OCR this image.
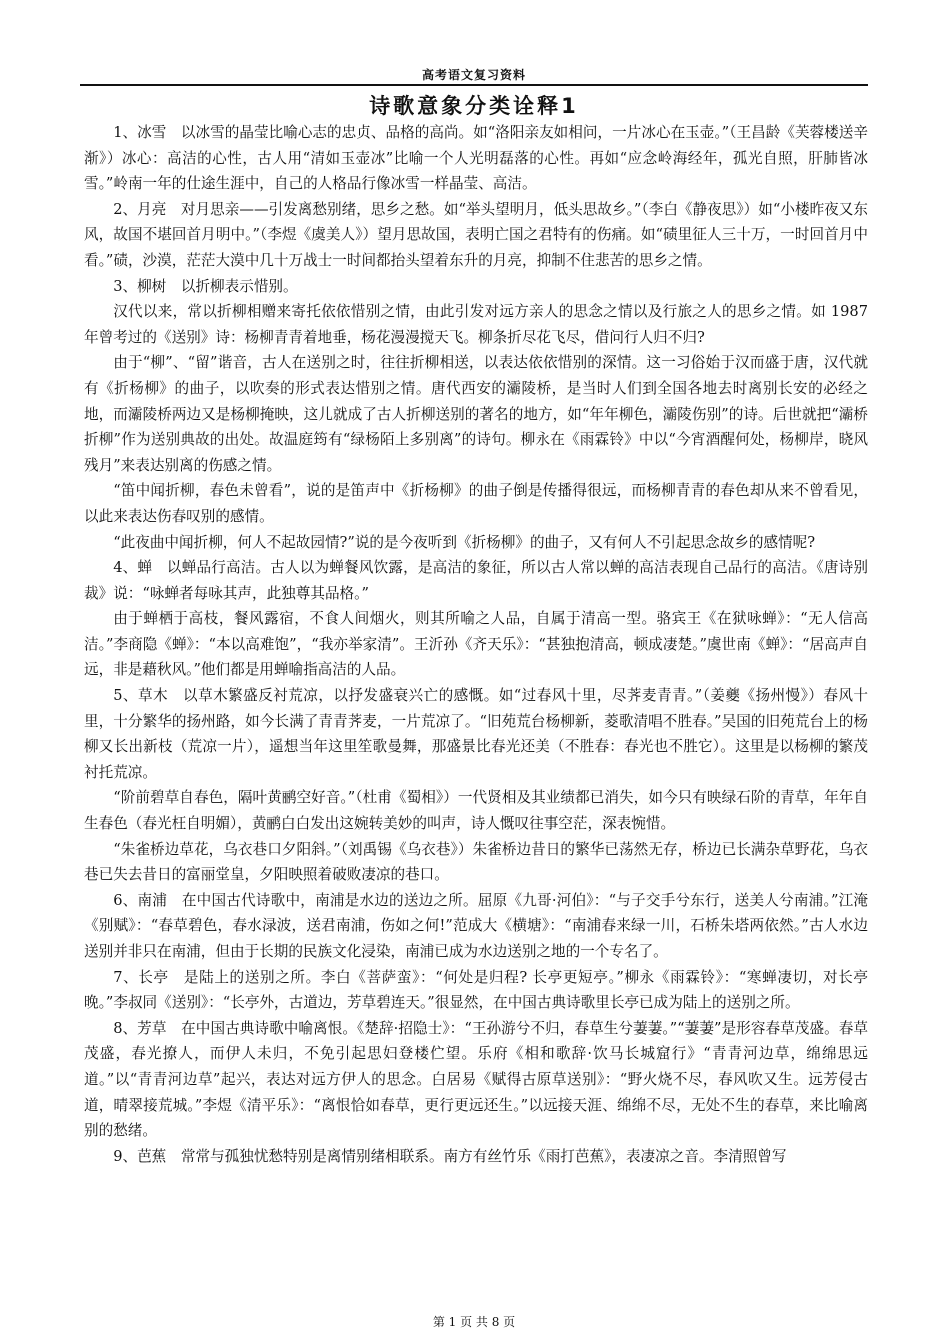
高考语文复习资料
诗歌意象分类诠释1

1、冰雪　以冰雪的晶莹比喻心志的忠贞、品格的高尚。如“洛阳亲友如相问，一片冰心在玉壶。”（王昌龄《芙蓉楼送辛渐》）冰心：高洁的心性，古人用“清如玉壶冰”比喻一个人光明磊落的心性。再如“应念岭海经年，孤光自照，肝肺皆冰雪。”岭南一年的仕途生涯中，自己的人格品行像冰雪一样晶莹、高洁。

2、月亮　对月思亲——引发离愁别绪，思乡之愁。如“举头望明月，低头思故乡。”（李白《静夜思》）如“小楼昨夜又东风，故国不堪回首月明中。”（李煜《虞美人》）望月思故国，表明亡国之君特有的伤痛。如“碛里征人三十万，一时回首月中看。”碛，沙漠，茫茫大漠中几十万战士一时间都抬头望着东升的月亮，抑制不住悲苦的思乡之情。

3、柳树　以折柳表示惜别。

汉代以来，常以折柳相赠来寄托依依惜别之情，由此引发对远方亲人的思念之情以及行旅之人的思乡之情。如 1987 年曾考过的《送别》诗：杨柳青青着地垂，杨花漫漫搅天飞。柳条折尽花飞尽，借问行人归不归?

由于“柳”、“留”谐音，古人在送别之时，往往折柳相送，以表达依依惜别的深情。这一习俗始于汉而盛于唐，汉代就有《折杨柳》的曲子，以吹奏的形式表达惜别之情。唐代西安的灞陵桥，是当时人们到全国各地去时离别长安的必经之地，而灞陵桥两边又是杨柳掩映，这儿就成了古人折柳送别的著名的地方，如“年年柳色，灞陵伤别”的诗。后世就把“灞桥折柳”作为送别典故的出处。故温庭筠有“绿杨陌上多别离”的诗句。柳永在《雨霖铃》中以“今宵酒醒何处，杨柳岸，晓风残月”来表达别离的伤感之情。

“笛中闻折柳，春色未曾看”，说的是笛声中《折杨柳》的曲子倒是传播得很远，而杨柳青青的春色却从来不曾看见，以此来表达伤春叹别的感情。

“此夜曲中闻折柳，何人不起故园情?”说的是今夜听到《折杨柳》的曲子，又有何人不引起思念故乡的感情呢?

4、蝉　以蝉品行高洁。古人以为蝉餐风饮露，是高洁的象征，所以古人常以蝉的高洁表现自己品行的高洁。《唐诗别裁》说：“咏蝉者每咏其声，此独尊其品格。”

由于蝉栖于高枝，餐风露宿，不食人间烟火，则其所喻之人品，自属于清高一型。骆宾王《在狱咏蝉》：“无人信高洁。”李商隐《蝉》：“本以高难饱”，“我亦举家清”。王沂孙《齐天乐》：“甚独抱清高，顿成凄楚。”虞世南《蝉》：“居高声自远，非是藉秋风。”他们都是用蝉喻指高洁的人品。

5、草木　以草木繁盛反衬荒凉，以抒发盛衰兴亡的感慨。如“过春风十里，尽荠麦青青。”（姜夔《扬州慢》）春风十里，十分繁华的扬州路，如今长满了青青荠麦，一片荒凉了。“旧苑荒台杨柳新，菱歌清唱不胜春。”吴国的旧苑荒台上的杨柳又长出新枝（荒凉一片），遥想当年这里笙歌曼舞，那盛景比春光还美（不胜春：春光也不胜它）。这里是以杨柳的繁茂衬托荒凉。

“阶前碧草自春色，隔叶黄鹂空好音。”（杜甫《蜀相》）一代贤相及其业绩都已消失，如今只有映绿石阶的青草，年年自生春色（春光枉自明媚），黄鹂白白发出这婉转美妙的叫声，诗人慨叹往事空茫，深表惋惜。

“朱雀桥边草花，乌衣巷口夕阳斜。”（刘禹锡《乌衣巷》）朱雀桥边昔日的繁华已荡然无存，桥边已长满杂草野花，乌衣巷已失去昔日的富丽堂皇，夕阳映照着破败凄凉的巷口。

6、南浦　在中国古代诗歌中，南浦是水边的送边之所。屈原《九哥·河伯》：“与子交手兮东行，送美人兮南浦。”江淹《别赋》：“春草碧色，春水渌波，送君南浦，伤如之何!”范成大《横塘》：“南浦春来绿一川，石桥朱塔两依然。”古人水边送别并非只在南浦，但由于长期的民族文化浸染，南浦已成为水边送别之地的一个专名了。

7、长亭　是陆上的送别之所。李白《菩萨蛮》：“何处是归程? 长亭更短亭。”柳永《雨霖铃》：“寒蝉凄切，对长亭晚。”李叔同《送别》：“长亭外，古道边，芳草碧连天。”很显然，在中国古典诗歌里长亭已成为陆上的送别之所。

8、芳草　在中国古典诗歌中喻离恨。《楚辞·招隐士》：“王孙游兮不归，春草生兮萋萋。”“萋萋”是形容春草茂盛。春草茂盛，春光撩人，而伊人未归，不免引起思妇登楼伫望。乐府《相和歌辞·饮马长城窟行》“青青河边草，绵绵思远道。”以“青青河边草”起兴，表达对远方伊人的思念。白居易《赋得古原草送别》：“野火烧不尽，春风吹又生。远芳侵古道，晴翠接荒城。”李煜《清平乐》：“离恨恰如春草，更行更远还生。”以远接天涯、绵绵不尽，无处不生的春草，来比喻离别的愁绪。

9、芭蕉　常常与孤独忧愁特别是离情别绪相联系。南方有丝竹乐《雨打芭蕉》，表凄凉之音。李清照曾写

第 1 页 共 8 页
